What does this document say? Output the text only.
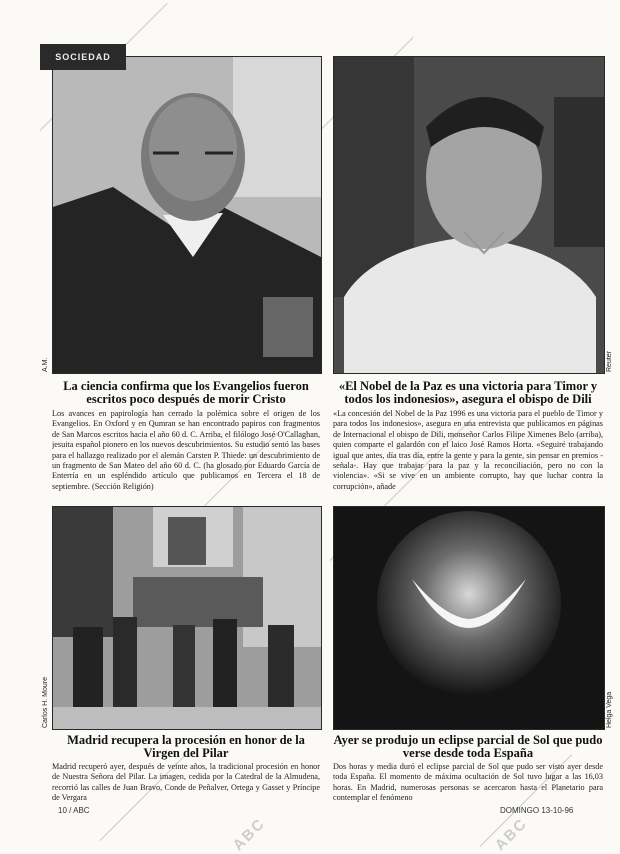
ABC	ABC
SOCIEDAD
A.M.	Reuter
La ciencia confirma que los Evangelios fueron escritos poco después de morir Cristo
Los avances en papirología han cerrado la polémica sobre el origen de los Evangelios. En Oxford y en Qumran se han encontrado papiros con fragmentos de San Marcos escritos hacia el año 60 d. C. Arriba, el filólogo José O'Callaghan, jesuita español pionero en los nuevos descubrimientos. Su estudio sentó las bases para el hallazgo realizado por el alemán Carsten P. Thiede: un descubrimiento de un fragmento de San Mateo del año 60 d. C. (ha glosado por Eduardo García de Enterría en un espléndido artículo que publicamos en Tercera el 18 de septiembre. (Sección Religión)
«El Nobel de la Paz es una victoria para Timor y todos los indonesios», asegura el obispo de Dili
«La concesión del Nobel de la Paz 1996 es una victoria para el pueblo de Timor y para todos los indonesios», asegura en una entrevista que publicamos en páginas de Internacional el obispo de Dili, monseñor Carlos Filipe Ximenes Belo (arriba), quien comparte el galardón con el laico José Ramos Horta. «Seguiré trabajando igual que antes, día tras día, entre la gente y para la gente, sin pensar en premios -señala-. Hay que trabajar para la paz y la reconciliación, pero no con la violencia». «Si se vive en un ambiente corrupto, hay que luchar contra la corrupción», añade
Carlos H. Moure	Helga Vega
Madrid recupera la procesión en honor de la Virgen del Pilar
Madrid recuperó ayer, después de veinte años, la tradicional procesión en honor de Nuestra Señora del Pilar. La imagen, cedida por la Catedral de la Almudena, recorrió las calles de Juan Bravo, Conde de Peñalver, Ortega y Gasset y Príncipe de Vergara
Ayer se produjo un eclipse parcial de Sol que pudo verse desde toda España
Dos horas y media duró el eclipse parcial de Sol que pudo ser visto ayer desde toda España. El momento de máxima ocultación de Sol tuvo lugar a las 16,03 horas. En Madrid, numerosas personas se acercaron hasta el Planetario para contemplar el fenómeno
10 / ABC	DOMINGO 13-10-96
